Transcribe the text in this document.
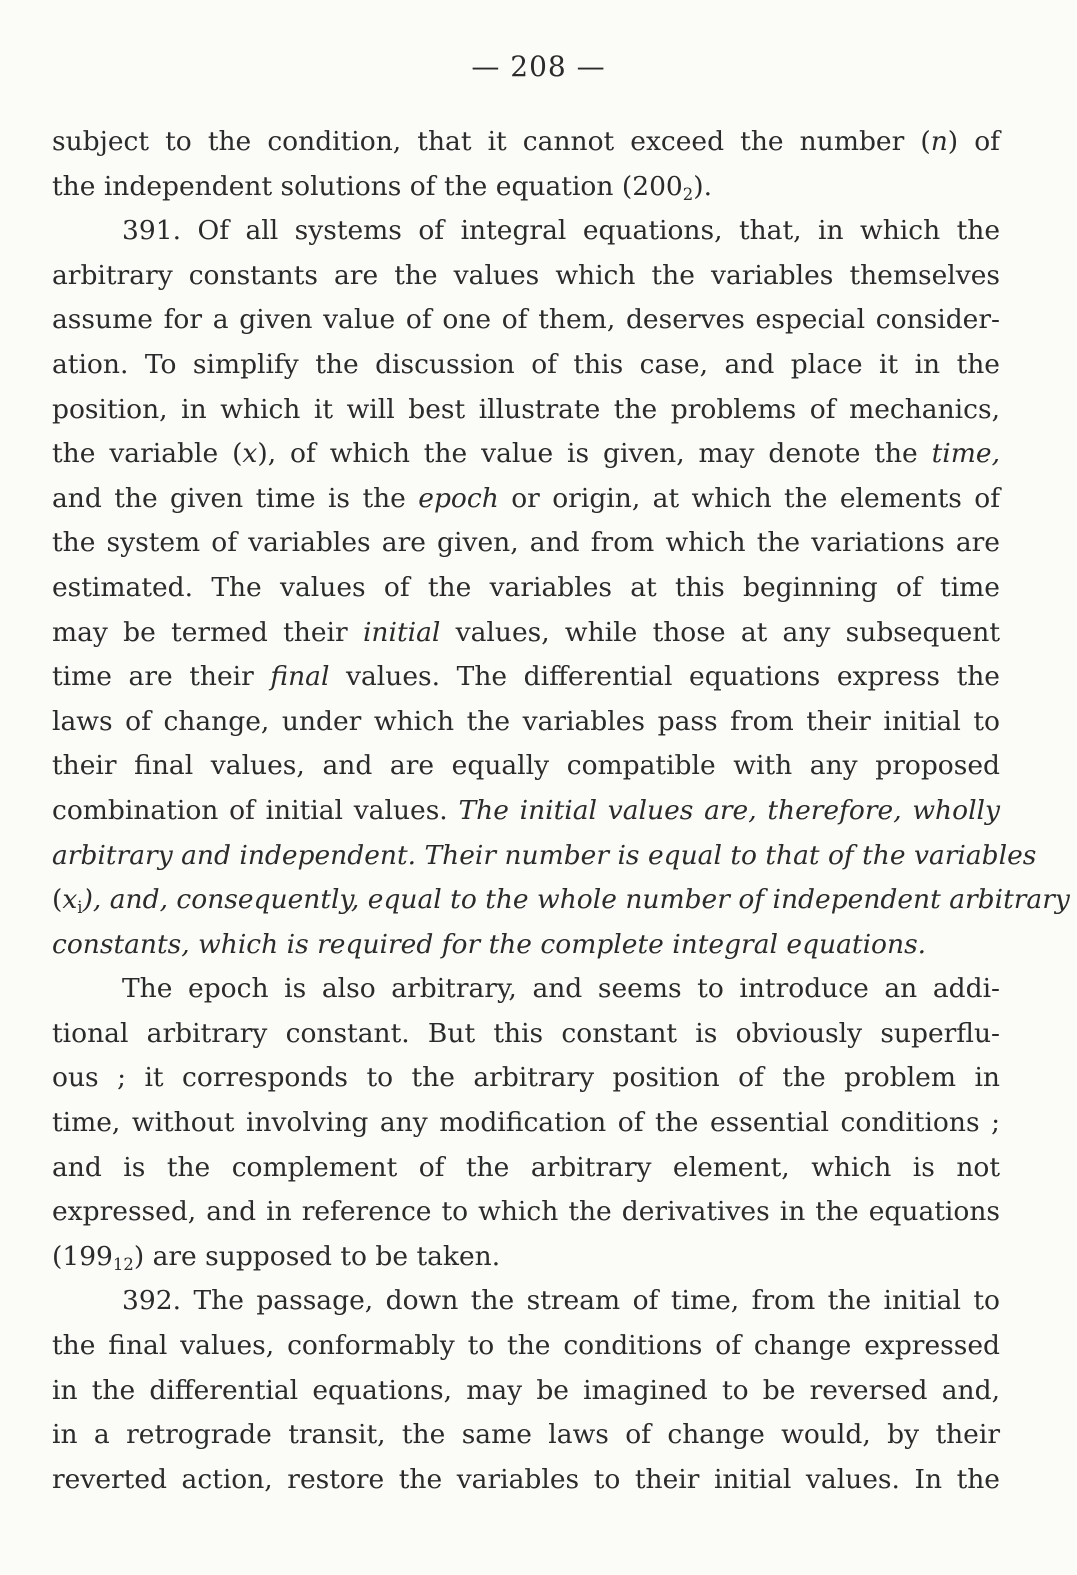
— 208 —
subject to the condition, that it cannot exceed the number (n) of
the independent solutions of the equation $(200_2)$.
391. Of all systems of integral equations, that, in which the
arbitrary constants are the values which the variables themselves
assume for a given value of one of them, deserves especial consider-
ation. To simplify the discussion of this case, and place it in the
position, in which it will best illustrate the problems of mechanics,
the variable (x), of which the value is given, may denote the time,
and the given time is the epoch or origin, at which the elements of
the system of variables are given, and from which the variations are
estimated. The values of the variables at this beginning of time
may be termed their initial values, while those at any subsequent
time are their final values. The differential equations express the
laws of change, under which the variables pass from their initial to
their final values, and are equally compatible with any proposed
combination of initial values. The initial values are, therefore, wholly
arbitrary and independent. Their number is equal to that of the variables
$(x_i)$, and, consequently, equal to the whole number of independent arbitrary
constants, which is required for the complete integral equations.
The epoch is also arbitrary, and seems to introduce an addi-
tional arbitrary constant. But this constant is obviously superflu-
ous ; it corresponds to the arbitrary position of the problem in
time, without involving any modification of the essential conditions ;
and is the complement of the arbitrary element, which is not
expressed, and in reference to which the derivatives in the equations
$(199_{12})$ are supposed to be taken.
392. The passage, down the stream of time, from the initial to
the final values, conformably to the conditions of change expressed
in the differential equations, may be imagined to be reversed and,
in a retrograde transit, the same laws of change would, by their
reverted action, restore the variables to their initial values. In the
